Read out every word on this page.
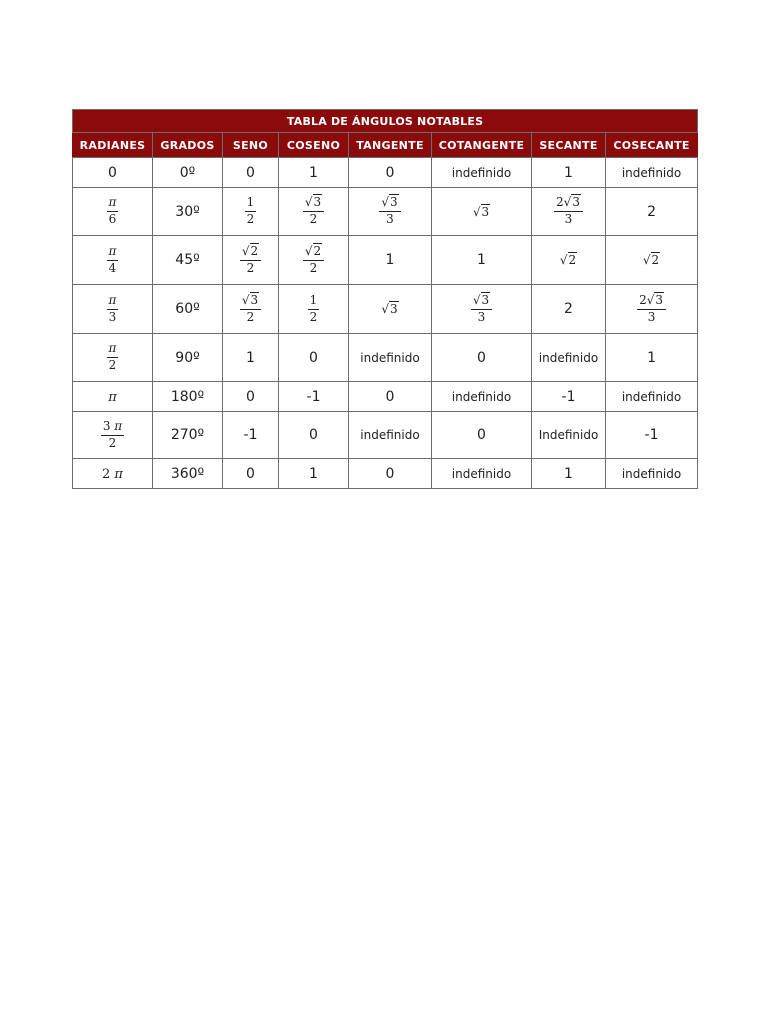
TABLA DE ÁNGULOS NOTABLES							
RADIANES	GRADOS	SENO	COSENO	TANGENTE	COTANGENTE	SECANTE	COSECANTE
0	0º	0	1	0	indefinido	1	indefinido

$\frac{\pi}{6}$	30º	$\frac{1}{2}$	$\frac{√3}{2}$	$\frac{√3}{3}$	√3	$\frac{2√3}{3}$	2

$\frac{\pi}{4}$	45º	$\frac{√2}{2}$	$\frac{√2}{2}$	1	1	√2	√2

$\frac{\pi}{3}$	60º	$\frac{√3}{2}$	$\frac{1}{2}$	√3	$\frac{√3}{3}$	2	$\frac{2√3}{3}$

$\frac{\pi}{2}$	90º	1	0	indefinido	0	indefinido	1
π	180º	0	-1	0	indefinido	-1	indefinido

$\frac{3 \pi}{2}$	270º	-1	0	indefinido	0	Indefinido	-1
2 π	360º	0	1	0	indefinido	1	indefinido
